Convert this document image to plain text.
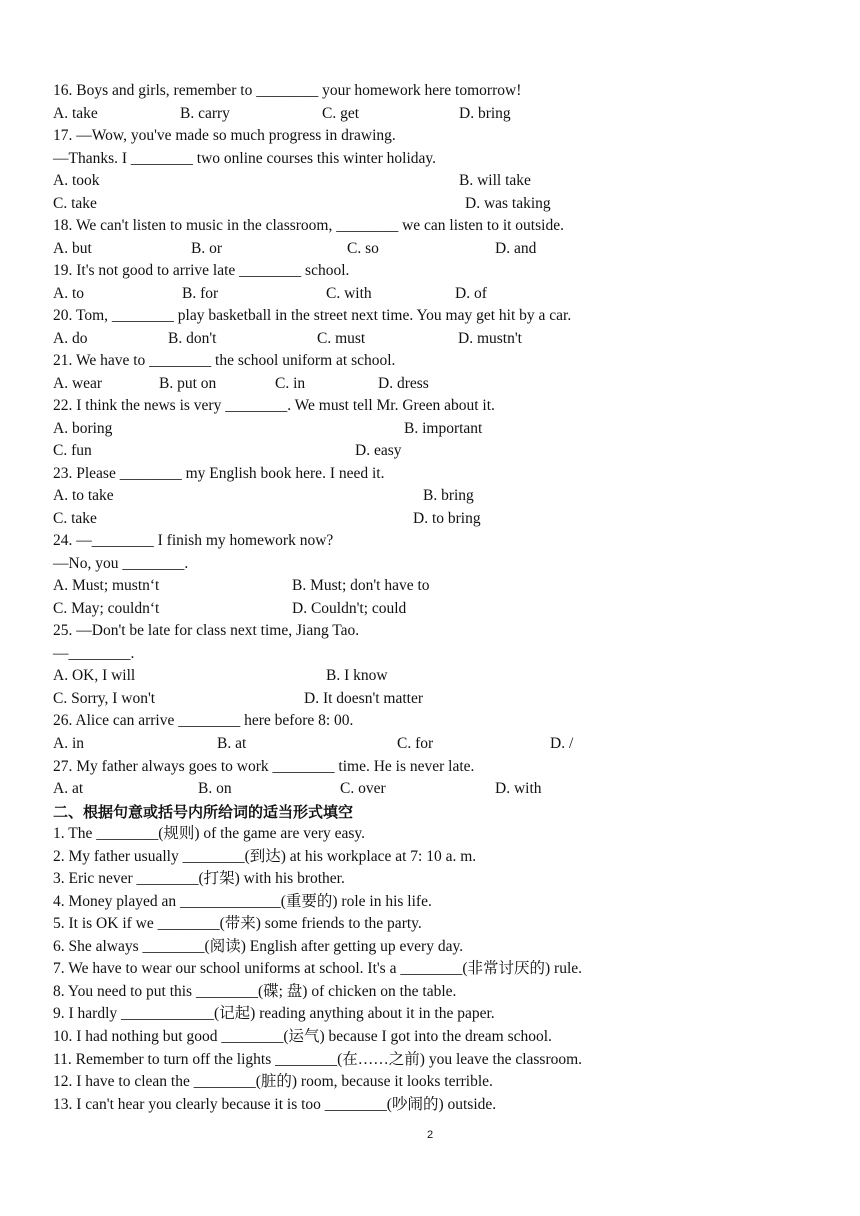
16. Boys and girls, remember to ________ your homework here tomorrow!
A. take	B. carry	C. get	D. bring
17. —Wow, you've made so much progress in drawing.
—Thanks. I ________ two online courses this winter holiday.
A. took	B. will take
C. take	D. was taking
18. We can't listen to music in the classroom, ________ we can listen to it outside.
A. but	B. or	C. so	D. and
19. It's not good to arrive late ________ school.
A. to	B. for	C. with	D. of
20. Tom, ________ play basketball in the street next time. You may get hit by a car.
A. do	B. don't	C. must	D. mustn't
21. We have to ________ the school uniform at school.
A. wear	B. put on	C. in	D. dress
22. I think the news is very ________. We must tell Mr. Green about it.
A. boring	B. important
C. fun	D. easy
23. Please ________ my English book here. I need it.
A. to take	B. bring
C. take	D. to bring
24. —________ I finish my homework now?
—No, you ________.
A. Must; mustn‘t	B. Must; don't have to
C. May; couldn‘t	D. Couldn't; could
25. —Don't be late for class next time, Jiang Tao.
—________.
A. OK, I will	B. I know
C. Sorry, I won't	D. It doesn't matter
26. Alice can arrive ________ here before 8: 00.
A. in	B. at	C. for	D. /
27. My father always goes to work ________ time. He is never late.
A. at	B. on	C. over	D. with
二、根据句意或括号内所给词的适当形式填空
1. The ________(规则) of the game are very easy.
2. My father usually ________(到达) at his workplace at 7: 10 a. m.
3. Eric never ________(打架) with his brother.
4. Money played an _____________(重要的) role in his life.
5. It is OK if we ________(带来) some friends to the party.
6. She always ________(阅读) English after getting up every day.
7. We have to wear our school uniforms at school. It's a ________(非常讨厌的) rule.
8. You need to put this ________(碟; 盘) of chicken on the table.
9. I hardly ____________(记起) reading anything about it in the paper.
10. I had nothing but good ________(运气) because I got into the dream school.
11. Remember to turn off the lights ________(在……之前) you leave the classroom.
12. I have to clean the ________(脏的) room, because it looks terrible.
13. I can't hear you clearly because it is too ________(吵闹的) outside.
2
